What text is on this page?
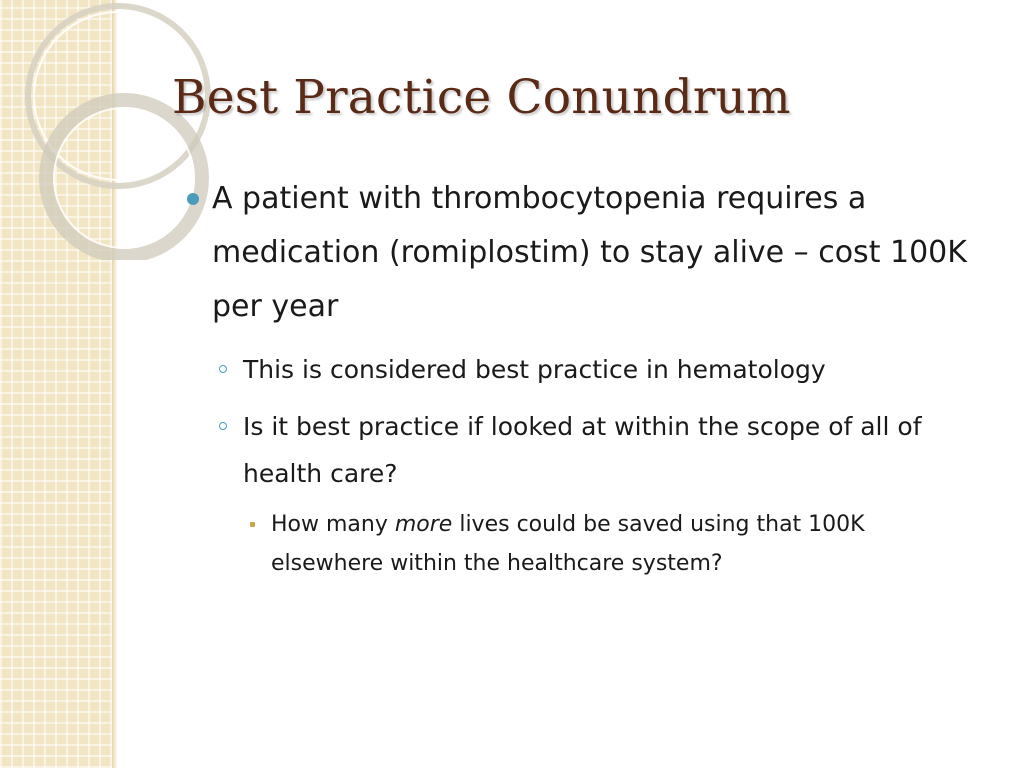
Best Practice Conundrum
A patient with thrombocytopenia requires a medication (romiplostim) to stay alive – cost 100K per year
This is considered best practice in hematology
Is it best practice if looked at within the scope of all of health care?
How many more lives could be saved using that 100K elsewhere within the healthcare system?
